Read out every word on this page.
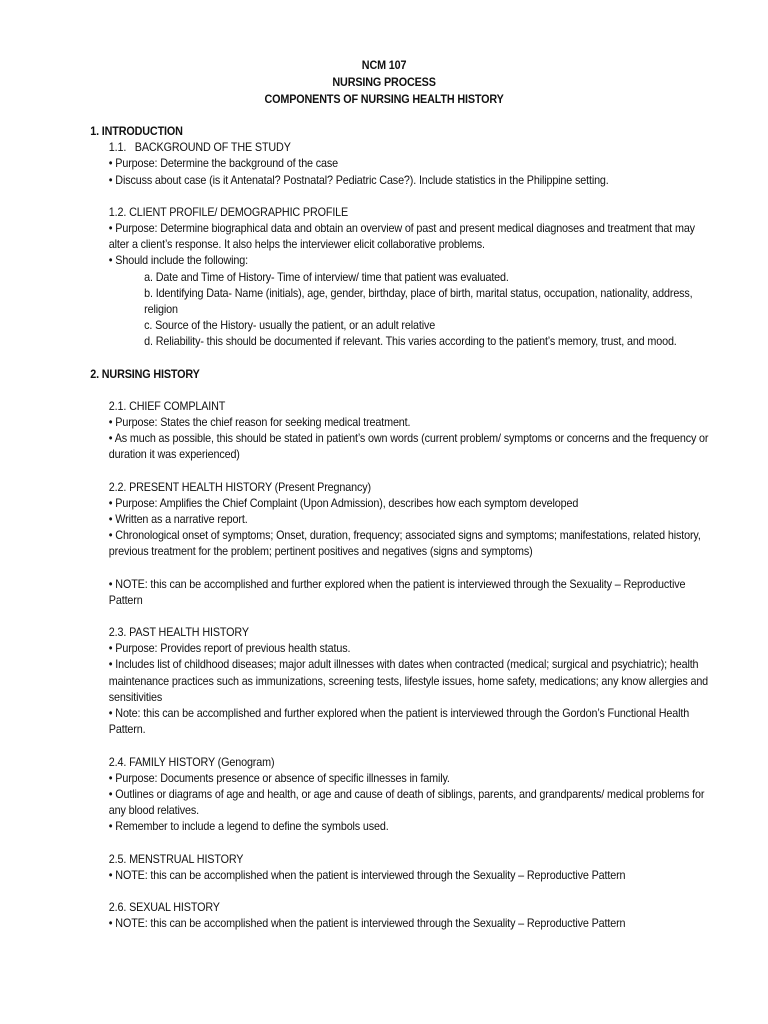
NCM 107
NURSING PROCESS
COMPONENTS OF NURSING HEALTH HISTORY
1. INTRODUCTION
1.1.   BACKGROUND OF THE STUDY
• Purpose: Determine the background of the case
• Discuss about case (is it Antenatal? Postnatal? Pediatric Case?). Include statistics in the Philippine setting.
1.2. CLIENT PROFILE/ DEMOGRAPHIC PROFILE
• Purpose: Determine biographical data and obtain an overview of past and present medical diagnoses and treatment that may alter a client’s response. It also helps the interviewer elicit collaborative problems.
• Should include the following:
a. Date and Time of History- Time of interview/ time that patient was evaluated.
b. Identifying Data- Name (initials), age, gender, birthday, place of birth, marital status, occupation, nationality, address, religion
c. Source of the History- usually the patient, or an adult relative
d. Reliability- this should be documented if relevant. This varies according to the patient’s memory, trust, and mood.
2. NURSING HISTORY
2.1. CHIEF COMPLAINT
• Purpose: States the chief reason for seeking medical treatment.
• As much as possible, this should be stated in patient’s own words (current problem/ symptoms or concerns and the frequency or duration it was experienced)
2.2. PRESENT HEALTH HISTORY (Present Pregnancy)
• Purpose: Amplifies the Chief Complaint (Upon Admission), describes how each symptom developed
• Written as a narrative report.
• Chronological onset of symptoms; Onset, duration, frequency; associated signs and symptoms; manifestations, related history, previous treatment for the problem; pertinent positives and negatives (signs and symptoms)
• NOTE: this can be accomplished and further explored when the patient is interviewed through the Sexuality – Reproductive Pattern
2.3. PAST HEALTH HISTORY
• Purpose: Provides report of previous health status.
• Includes list of childhood diseases; major adult illnesses with dates when contracted (medical; surgical and psychiatric); health maintenance practices such as immunizations, screening tests, lifestyle issues, home safety, medications; any know allergies and sensitivities
• Note: this can be accomplished and further explored when the patient is interviewed through the Gordon’s Functional Health Pattern.
2.4. FAMILY HISTORY (Genogram)
• Purpose: Documents presence or absence of specific illnesses in family.
• Outlines or diagrams of age and health, or age and cause of death of siblings, parents, and grandparents/ medical problems for any blood relatives.
• Remember to include a legend to define the symbols used.
2.5. MENSTRUAL HISTORY
• NOTE: this can be accomplished when the patient is interviewed through the Sexuality – Reproductive Pattern
2.6. SEXUAL HISTORY
• NOTE: this can be accomplished when the patient is interviewed through the Sexuality – Reproductive Pattern
